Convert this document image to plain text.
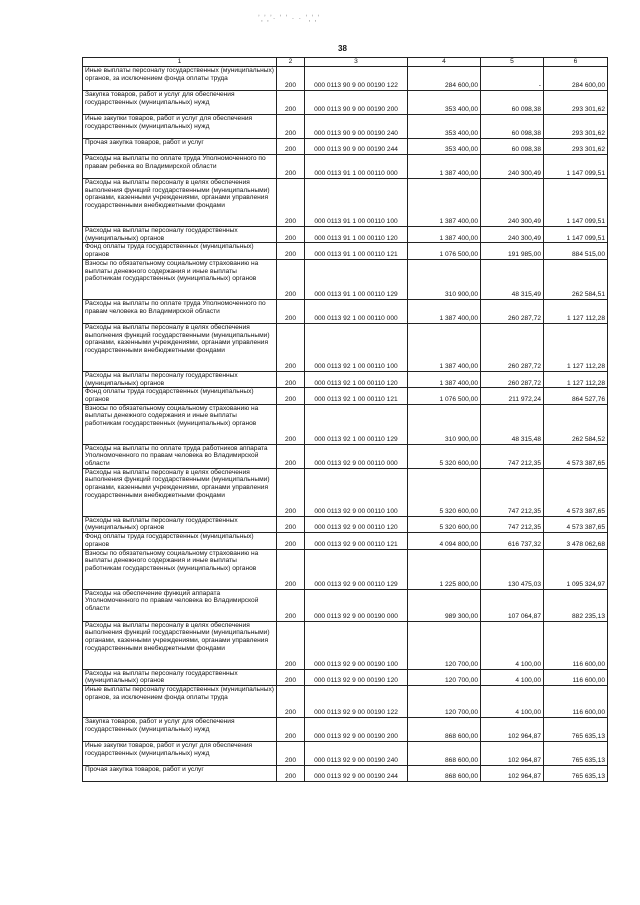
ʼ,ʼ,ʼ· ʼ ʼ · · ʼ,ʼ,ʼ
38
1	2	3	4	5	6
Иные выплаты персоналу государственных (муниципальных) органов, за исключением фонда оплаты труда	200	000 0113 90 9 00 00190 122	284 600,00	-	284 600,00
Закупка товаров, работ и услуг для обеспечения государственных (муниципальных) нужд	200	000 0113 90 9 00 00190 200	353 400,00	60 098,38	293 301,62
Иные закупки товаров, работ и услуг для обеспечения государственных (муниципальных) нужд	200	000 0113 90 9 00 00190 240	353 400,00	60 098,38	293 301,62
Прочая закупка товаров, работ и услуг	200	000 0113 90 9 00 00190 244	353 400,00	60 098,38	293 301,62
Расходы на выплаты по оплате труда Уполномоченного по правам ребенка во Владимирской области	200	000 0113 91 1 00 00110 000	1 387 400,00	240 300,49	1 147 099,51
Расходы на выплаты персоналу в целях обеспечения выполнения функций государственными (муниципальными) органами, казенными учреждениями, органами управления государственными внебюджетными фондами	200	000 0113 91 1 00 00110 100	1 387 400,00	240 300,49	1 147 099,51
Расходы на выплаты персоналу государственных (муниципальных) органов	200	000 0113 91 1 00 00110 120	1 387 400,00	240 300,49	1 147 099,51
Фонд оплаты труда государственных (муниципальных) органов	200	000 0113 91 1 00 00110 121	1 076 500,00	191 985,00	884 515,00
Взносы по обязательному социальному страхованию на выплаты денежного содержания и иные выплаты работникам государственных (муниципальных) органов	200	000 0113 91 1 00 00110 129	310 900,00	48 315,49	262 584,51
Расходы на выплаты по оплате труда Уполномоченного по правам человека во Владимирской области	200	000 0113 92 1 00 00110 000	1 387 400,00	260 287,72	1 127 112,28
Расходы на выплаты персоналу в целях обеспечения выполнения функций государственными (муниципальными) органами, казенными учреждениями, органами управления государственными внебюджетными фондами	200	000 0113 92 1 00 00110 100	1 387 400,00	260 287,72	1 127 112,28
Расходы на выплаты персоналу государственных (муниципальных) органов	200	000 0113 92 1 00 00110 120	1 387 400,00	260 287,72	1 127 112,28
Фонд оплаты труда государственных (муниципальных) органов	200	000 0113 92 1 00 00110 121	1 076 500,00	211 972,24	864 527,76
Взносы по обязательному социальному страхованию на выплаты денежного содержания и иные выплаты работникам государственных (муниципальных) органов	200	000 0113 92 1 00 00110 129	310 900,00	48 315,48	262 584,52
Расходы на выплаты по оплате труда работников аппарата Уполномоченного по правам человека во Владимирской области	200	000 0113 92 9 00 00110 000	5 320 600,00	747 212,35	4 573 387,65
Расходы на выплаты персоналу в целях обеспечения выполнения функций государственными (муниципальными) органами, казенными учреждениями, органами управления государственными внебюджетными фондами	200	000 0113 92 9 00 00110 100	5 320 600,00	747 212,35	4 573 387,65
Расходы на выплаты персоналу государственных (муниципальных) органов	200	000 0113 92 9 00 00110 120	5 320 600,00	747 212,35	4 573 387,65
Фонд оплаты труда государственных (муниципальных) органов	200	000 0113 92 9 00 00110 121	4 094 800,00	616 737,32	3 478 062,68
Взносы по обязательному социальному страхованию на выплаты денежного содержания и иные выплаты работникам государственных (муниципальных) органов	200	000 0113 92 9 00 00110 129	1 225 800,00	130 475,03	1 095 324,97
Расходы на обеспечение функций аппарата Уполномоченного по правам человека во Владимирской области	200	000 0113 92 9 00 00190 000	989 300,00	107 064,87	882 235,13
Расходы на выплаты персоналу в целях обеспечения выполнения функций государственными (муниципальными) органами, казенными учреждениями, органами управления государственными внебюджетными фондами	200	000 0113 92 9 00 00190 100	120 700,00	4 100,00	116 600,00
Расходы на выплаты персоналу государственных (муниципальных) органов	200	000 0113 92 9 00 00190 120	120 700,00	4 100,00	116 600,00
Иные выплаты персоналу государственных (муниципальных) органов, за исключением фонда оплаты труда	200	000 0113 92 9 00 00190 122	120 700,00	4 100,00	116 600,00
Закупка товаров, работ и услуг для обеспечения государственных (муниципальных) нужд	200	000 0113 92 9 00 00190 200	868 600,00	102 964,87	765 635,13
Иные закупки товаров, работ и услуг для обеспечения государственных (муниципальных) нужд	200	000 0113 92 9 00 00190 240	868 600,00	102 964,87	765 635,13
Прочая закупка товаров, работ и услуг	200	000 0113 92 9 00 00190 244	868 600,00	102 964,87	765 635,13
